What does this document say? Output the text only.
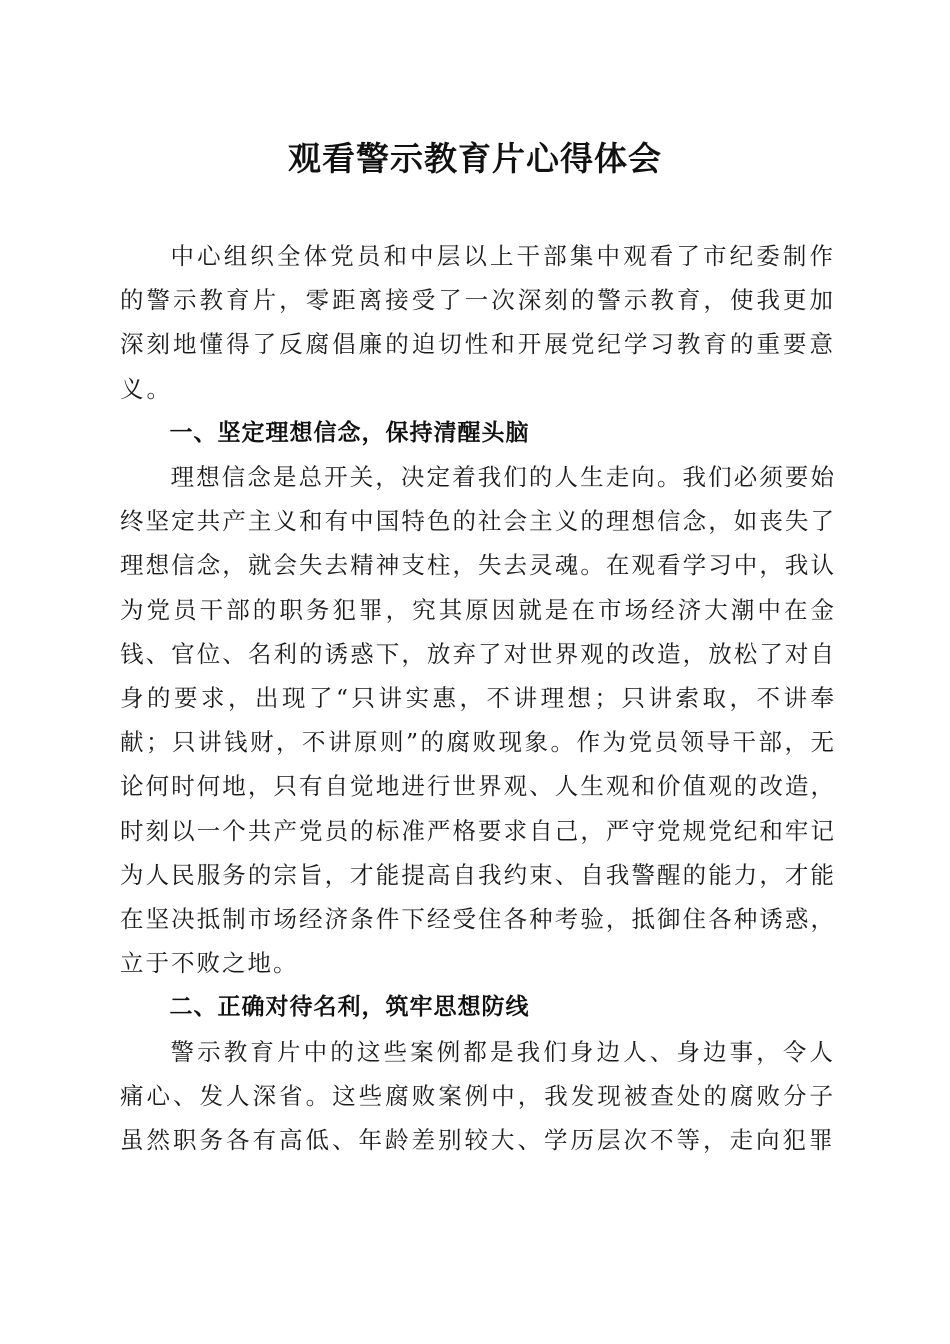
观看警示教育片心得体会

中心组织全体党员和中层以上干部集中观看了市纪委制作的警示教育片，零距离接受了一次深刻的警示教育，使我更加深刻地懂得了反腐倡廉的迫切性和开展党纪学习教育的重要意义。

一、坚定理想信念，保持清醒头脑

理想信念是总开关，决定着我们的人生走向。我们必须要始终坚定共产主义和有中国特色的社会主义的理想信念，如丧失了理想信念，就会失去精神支柱，失去灵魂。在观看学习中，我认为党员干部的职务犯罪，究其原因就是在市场经济大潮中在金钱、官位、名利的诱惑下，放弃了对世界观的改造，放松了对自身的要求，出现了“只讲实惠，不讲理想；只讲索取，不讲奉献；只讲钱财，不讲原则”的腐败现象。作为党员领导干部，无论何时何地，只有自觉地进行世界观、人生观和价值观的改造，时刻以一个共产党员的标准严格要求自己，严守党规党纪和牢记为人民服务的宗旨，才能提高自我约束、自我警醒的能力，才能在坚决抵制市场经济条件下经受住各种考验，抵御住各种诱惑，立于不败之地。

二、正确对待名利，筑牢思想防线

警示教育片中的这些案例都是我们身边人、身边事，令人痛心、发人深省。这些腐败案例中，我发现被查处的腐败分子虽然职务各有高低、年龄差别较大、学历层次不等，走向犯罪
